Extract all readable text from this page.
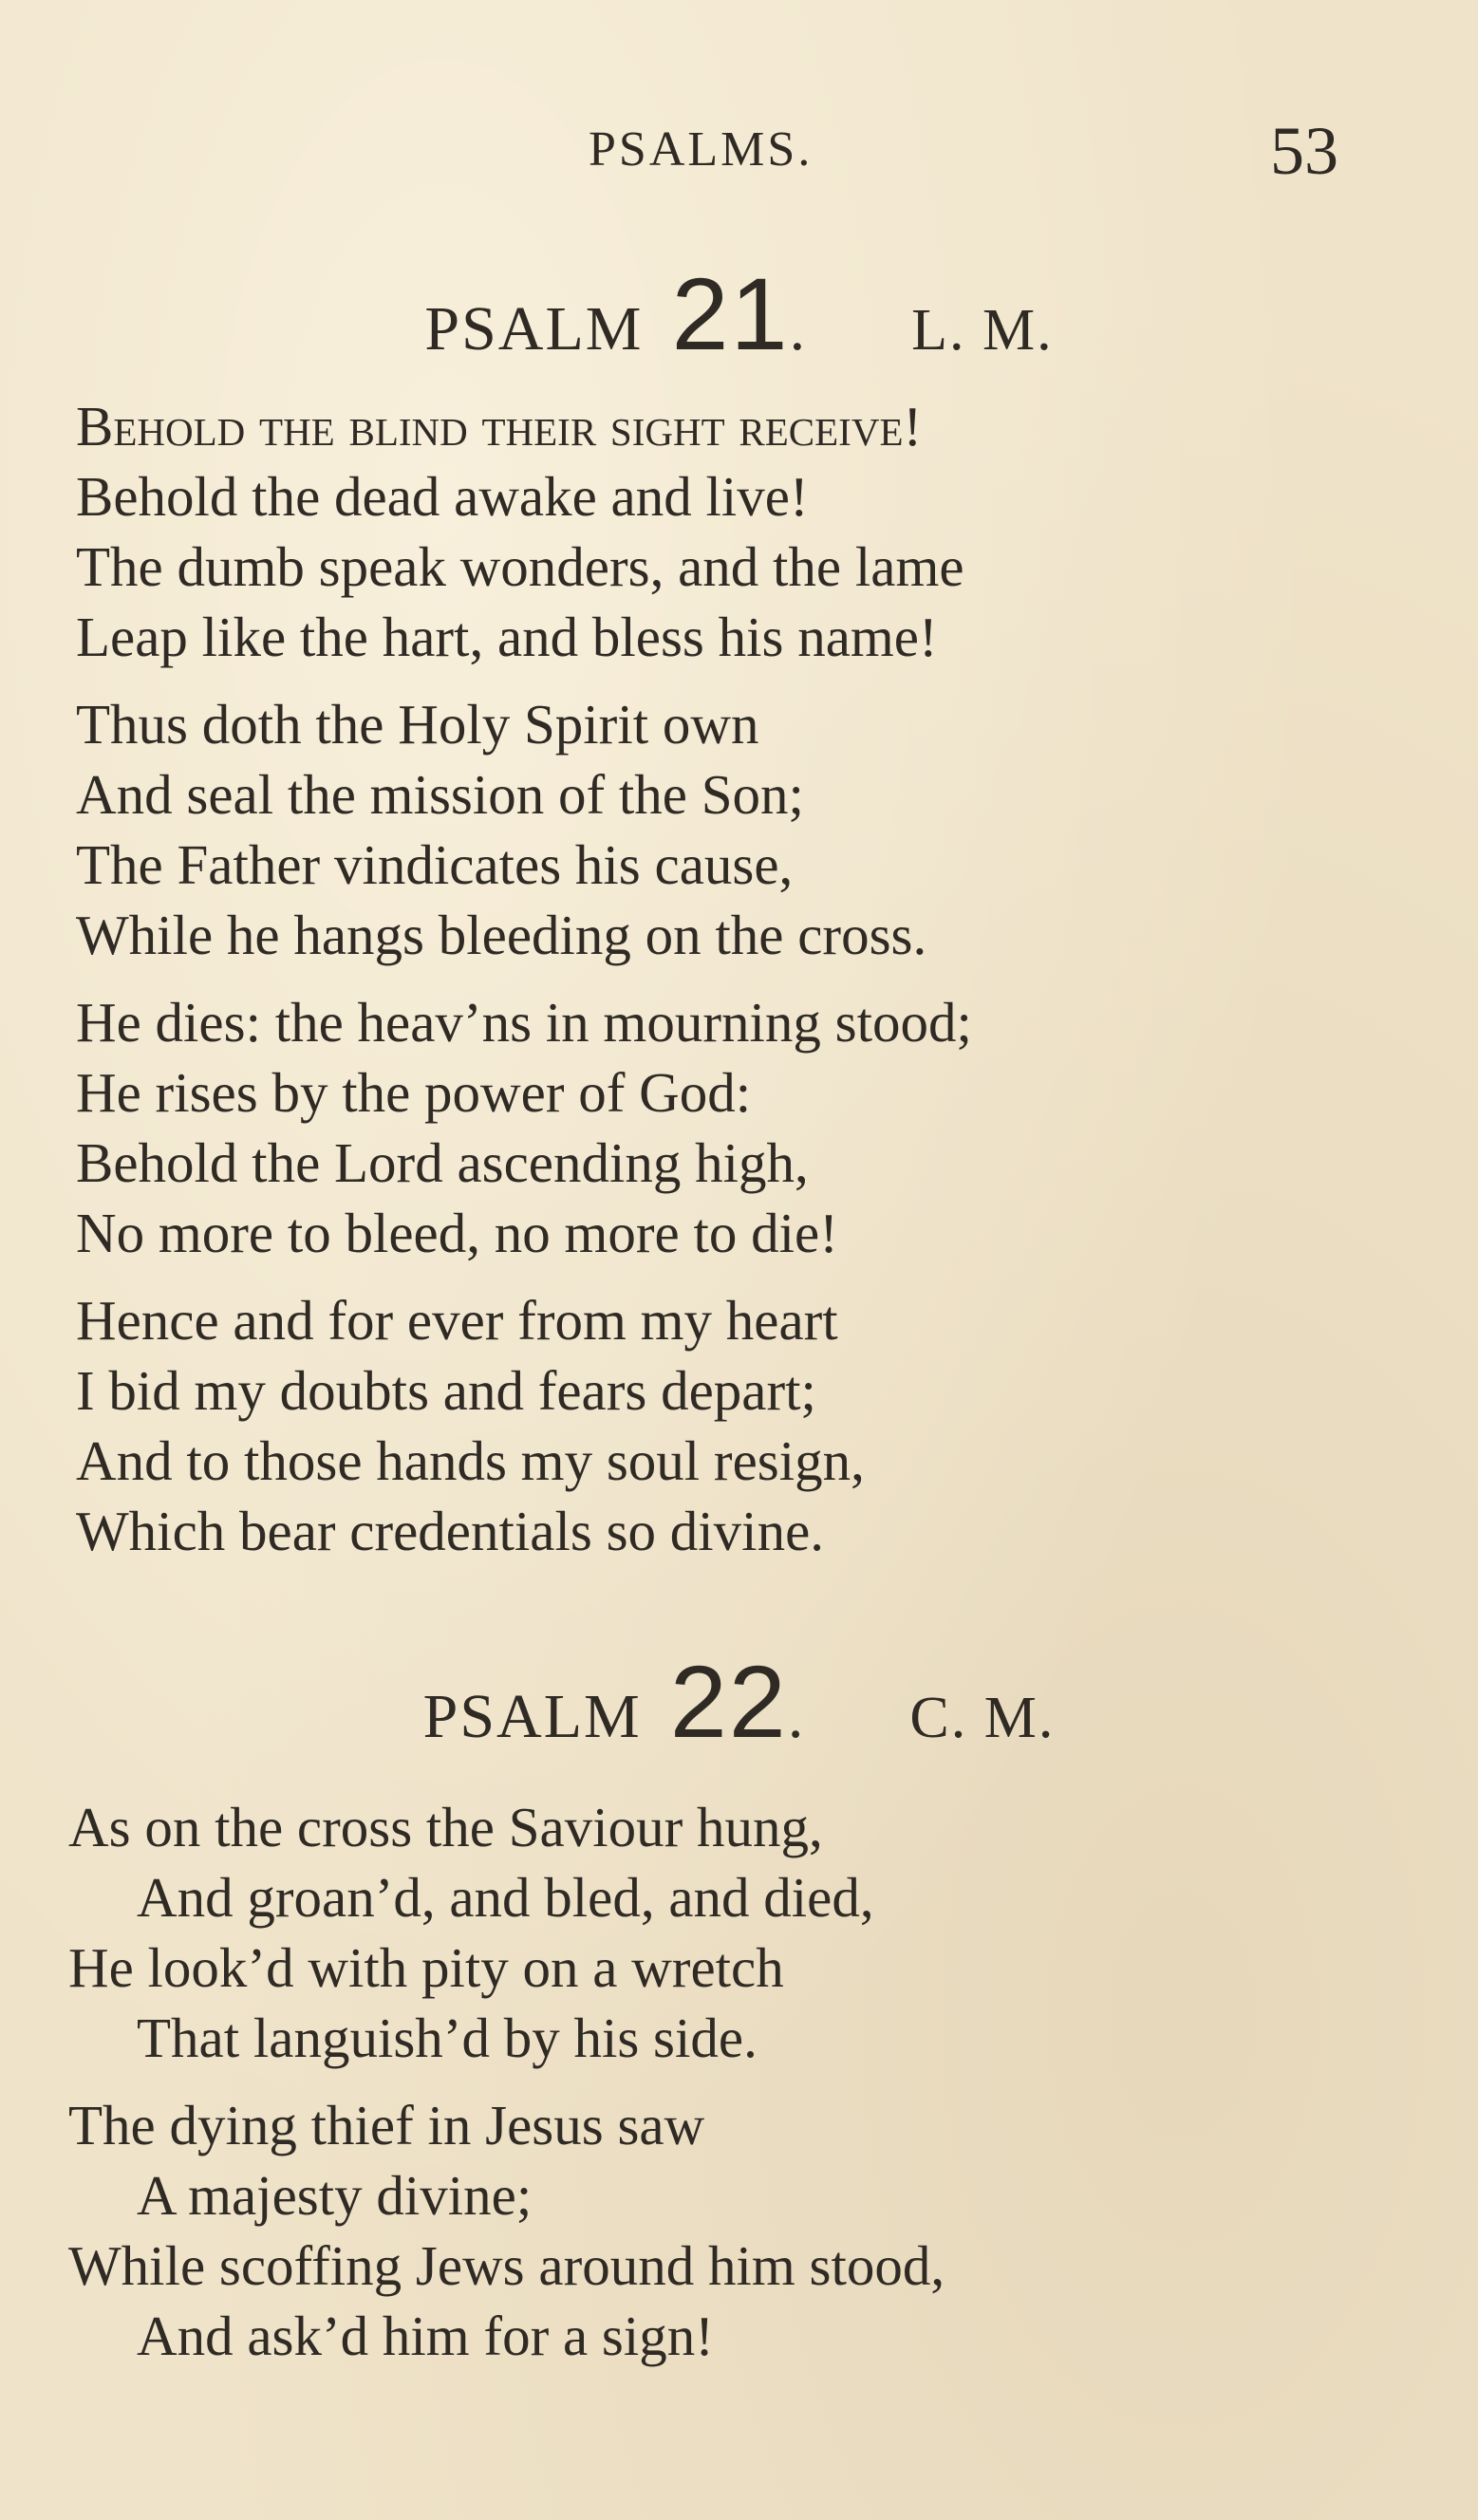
PSALMS.	53
PSALM 21. L. M.
Behold the blind their sight receive!
Behold the dead awake and live!
The dumb speak wonders, and the lame
Leap like the hart, and bless his name!
Thus doth the Holy Spirit own
And seal the mission of the Son;
The Father vindicates his cause,
While he hangs bleeding on the cross.
He dies: the heav’ns in mourning stood;
He rises by the power of God:
Behold the Lord ascending high,
No more to bleed, no more to die!
Hence and for ever from my heart
I bid my doubts and fears depart;
And to those hands my soul resign,
Which bear credentials so divine.
PSALM 22. C. M.
As on the cross the Saviour hung,
And groan’d, and bled, and died,
He look’d with pity on a wretch
That languish’d by his side.
The dying thief in Jesus saw
A majesty divine;
While scoffing Jews around him stood,
And ask’d him for a sign!
